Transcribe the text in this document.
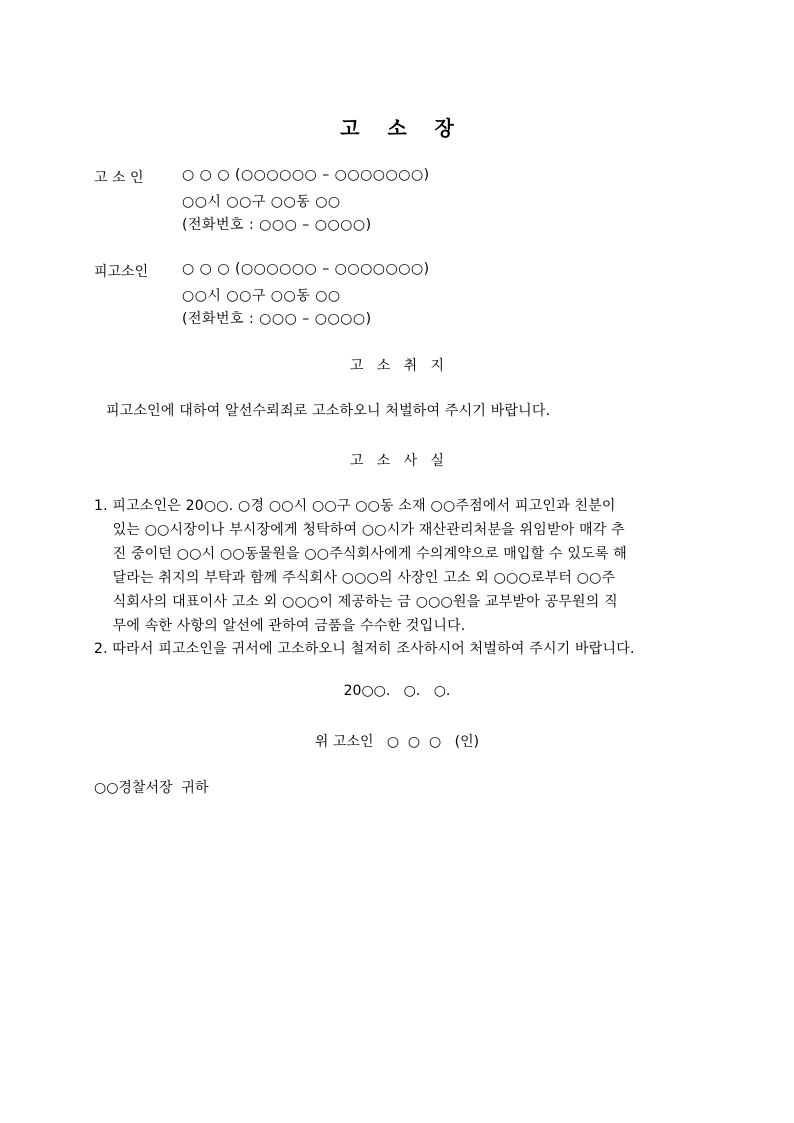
고    소    장
고 소 인	○ ○ ○ (○○○○○○ – ○○○○○○○)
○○시 ○○구 ○○동 ○○
(전화번호 : ○○○ – ○○○○)
피고소인	○ ○ ○ (○○○○○○ – ○○○○○○○)
○○시 ○○구 ○○동 ○○
(전화번호 : ○○○ – ○○○○)
고   소   취   지
피고소인에 대하여 알선수뢰죄로 고소하오니 처벌하여 주시기 바랍니다.
고   소   사   실
1. 피고소인은 20○○. ○경 ○○시 ○○구 ○○동 소재 ○○주점에서 피고인과 친분이
있는 ○○시장이나 부시장에게 청탁하여 ○○시가 재산관리처분을 위임받아 매각 추
진 중이던 ○○시 ○○동물원을 ○○주식회사에게 수의계약으로 매입할 수 있도록 해
달라는 취지의 부탁과 함께 주식회사 ○○○의 사장인 고소 외 ○○○로부터 ○○주
식회사의 대표이사 고소 외 ○○○이 제공하는 금 ○○○원을 교부받아 공무원의 직
무에 속한 사항의 알선에 관하여 금품을 수수한 것입니다.
2. 따라서 피고소인을 귀서에 고소하오니 철저히 조사하시어 처벌하여 주시기 바랍니다.
20○○.   ○.   ○.
위 고소인   ○  ○  ○   (인)
○○경찰서장  귀하
